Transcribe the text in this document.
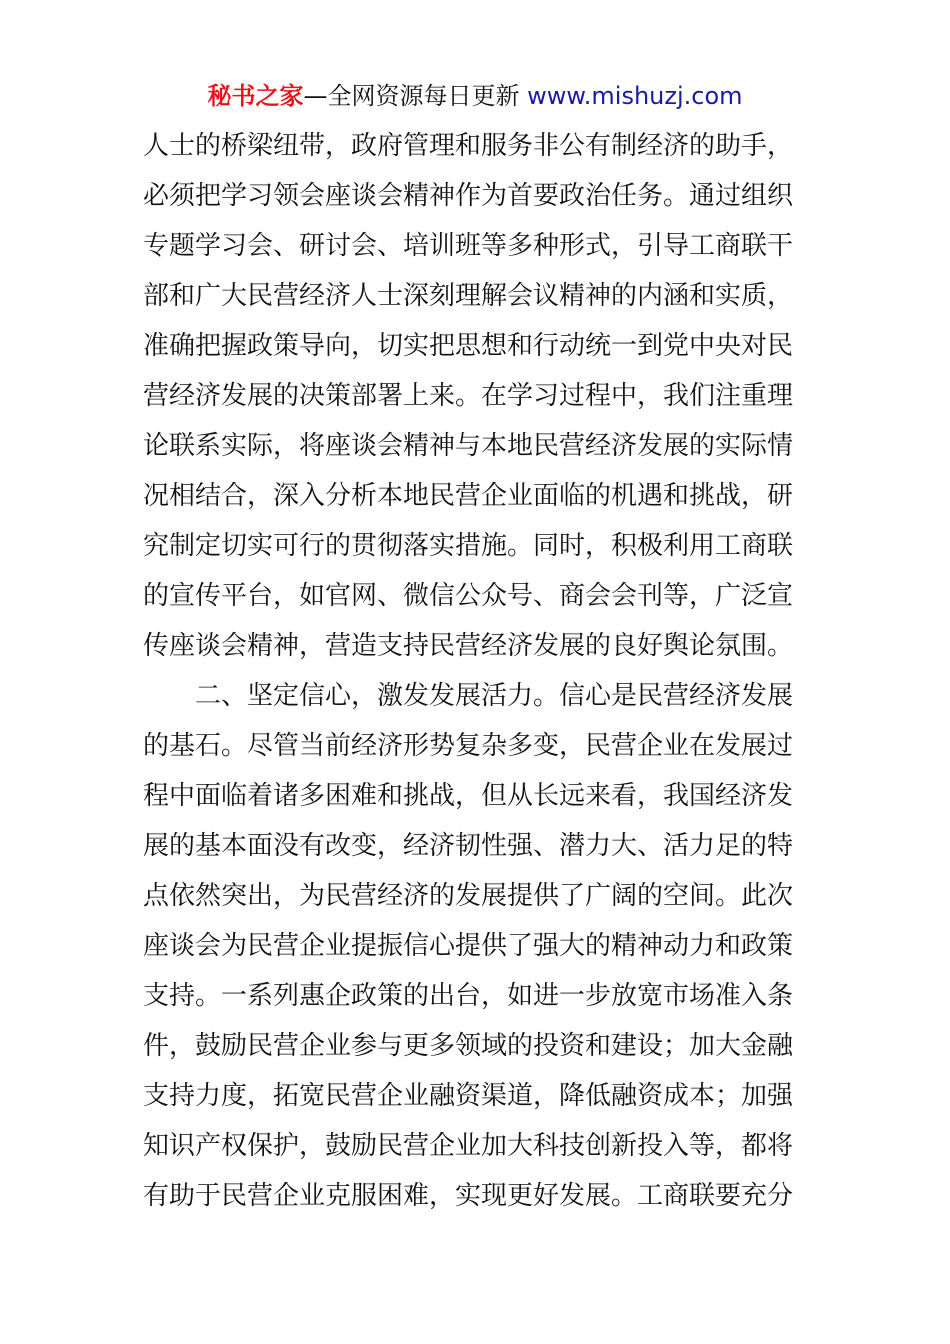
秘书之家—全网资源每日更新 www.mishuzj.com
人士的桥梁纽带，政府管理和服务非公有制经济的助手，
必须把学习领会座谈会精神作为首要政治任务。通过组织
专题学习会、研讨会、培训班等多种形式，引导工商联干
部和广大民营经济人士深刻理解会议精神的内涵和实质，
准确把握政策导向，切实把思想和行动统一到党中央对民
营经济发展的决策部署上来。在学习过程中，我们注重理
论联系实际，将座谈会精神与本地民营经济发展的实际情
况相结合，深入分析本地民营企业面临的机遇和挑战，研
究制定切实可行的贯彻落实措施。同时，积极利用工商联
的宣传平台，如官网、微信公众号、商会会刊等，广泛宣
传座谈会精神，营造支持民营经济发展的良好舆论氛围。
二、坚定信心，激发发展活力。信心是民营经济发展
的基石。尽管当前经济形势复杂多变，民营企业在发展过
程中面临着诸多困难和挑战，但从长远来看，我国经济发
展的基本面没有改变，经济韧性强、潜力大、活力足的特
点依然突出，为民营经济的发展提供了广阔的空间。此次
座谈会为民营企业提振信心提供了强大的精神动力和政策
支持。一系列惠企政策的出台，如进一步放宽市场准入条
件，鼓励民营企业参与更多领域的投资和建设；加大金融
支持力度，拓宽民营企业融资渠道，降低融资成本；加强
知识产权保护，鼓励民营企业加大科技创新投入等，都将
有助于民营企业克服困难，实现更好发展。工商联要充分
